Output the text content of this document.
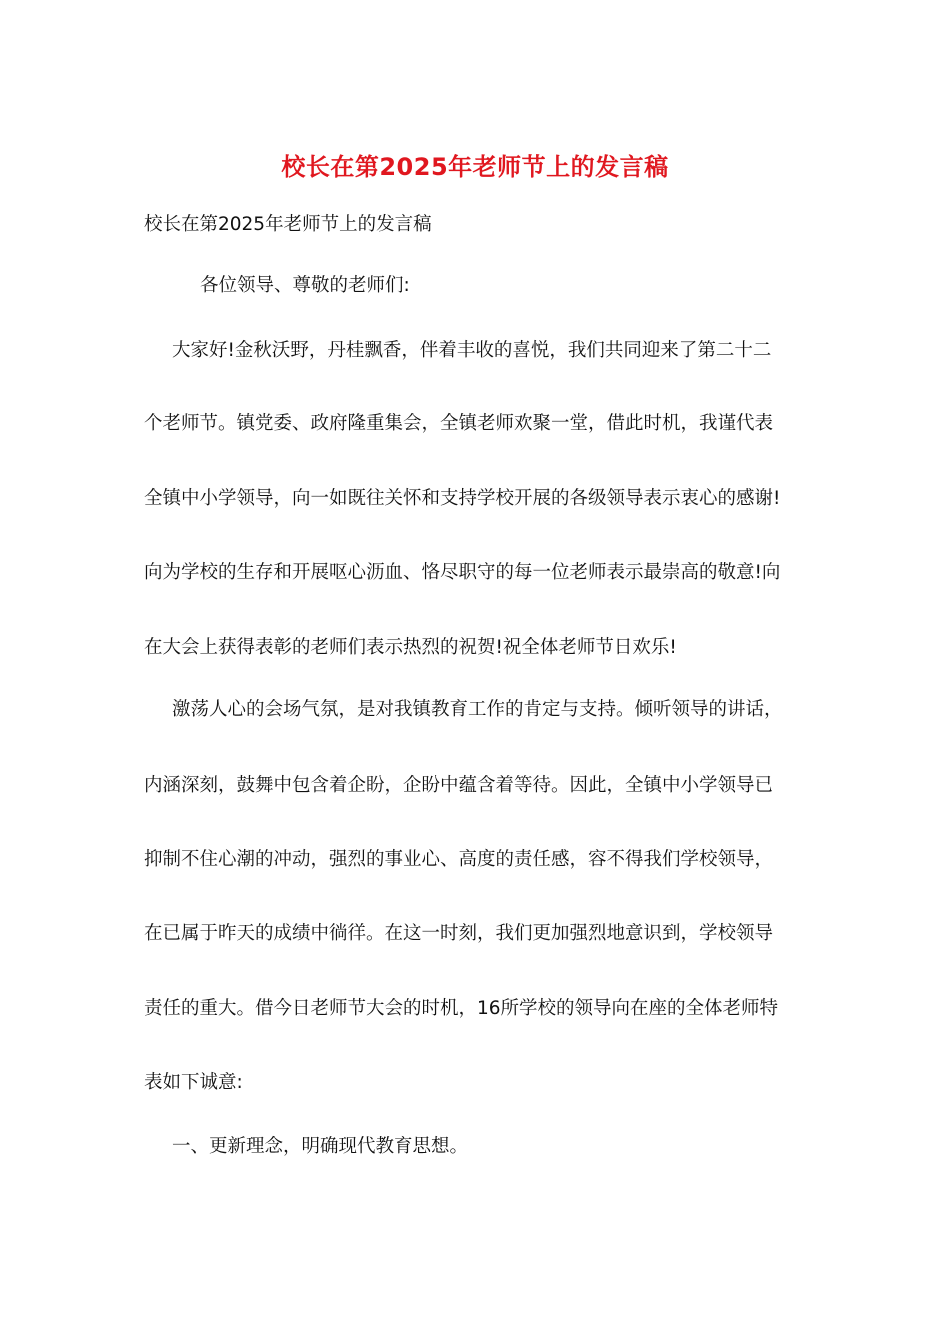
校长在第2025年老师节上的发言稿
校长在第2025年老师节上的发言稿
各位领导、尊敬的老师们:
大家好!金秋沃野，丹桂飘香，伴着丰收的喜悦，我们共同迎来了第二十二
个老师节。镇党委、政府隆重集会，全镇老师欢聚一堂，借此时机，我谨代表
全镇中小学领导，向一如既往关怀和支持学校开展的各级领导表示衷心的感谢!
向为学校的生存和开展呕心沥血、恪尽职守的每一位老师表示最崇高的敬意!向
在大会上获得表彰的老师们表示热烈的祝贺!祝全体老师节日欢乐!
激荡人心的会场气氛，是对我镇教育工作的肯定与支持。倾听领导的讲话，
内涵深刻，鼓舞中包含着企盼，企盼中蕴含着等待。因此，全镇中小学领导已
抑制不住心潮的冲动，强烈的事业心、高度的责任感，容不得我们学校领导，
在已属于昨天的成绩中徜徉。在这一时刻，我们更加强烈地意识到，学校领导
责任的重大。借今日老师节大会的时机，16所学校的领导向在座的全体老师特
表如下诚意:
一、更新理念，明确现代教育思想。
